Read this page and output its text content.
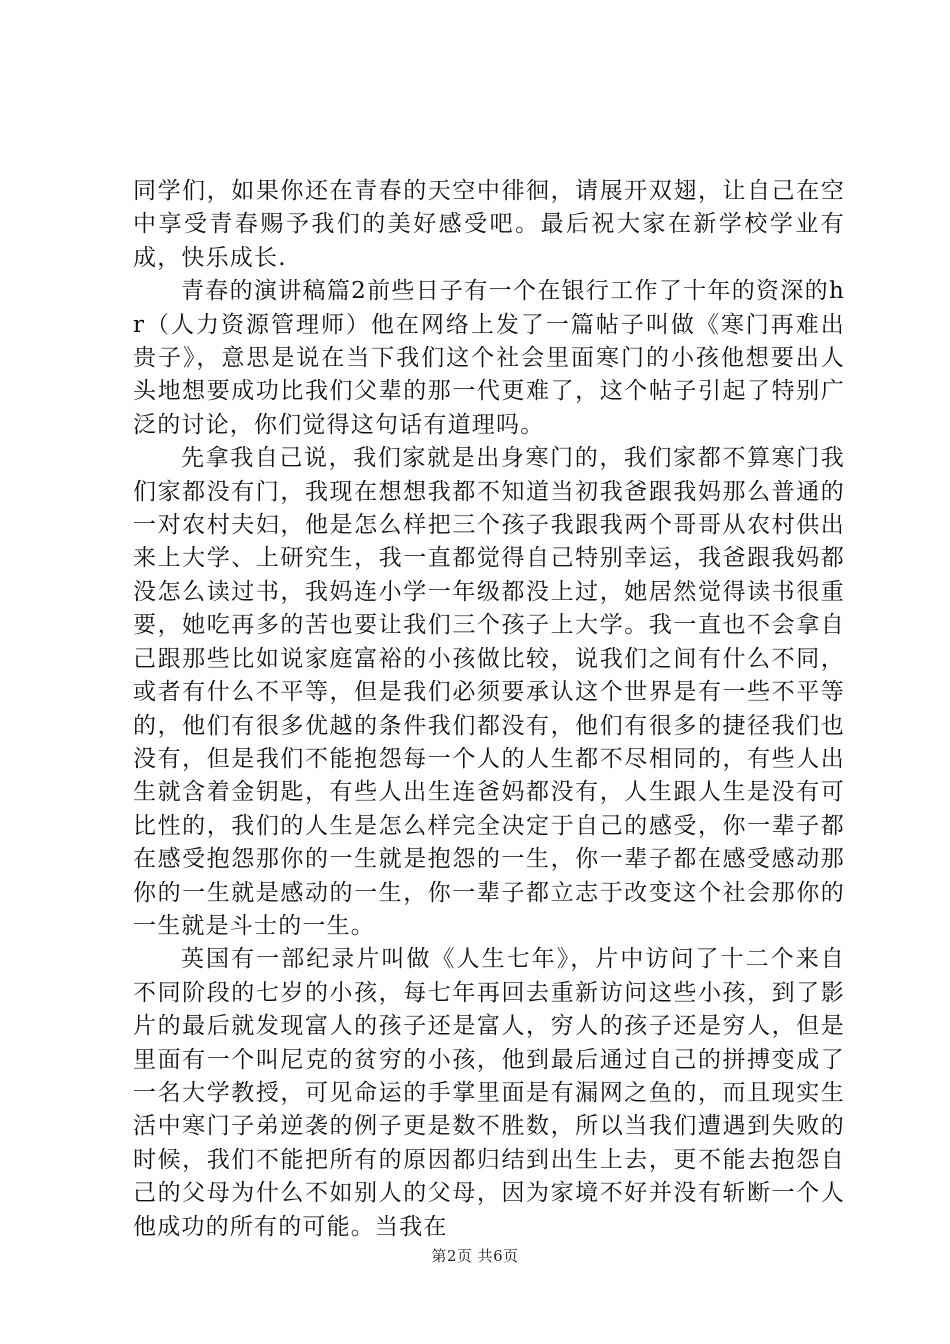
同学们，如果你还在青春的天空中徘徊，请展开双翅，让自己在空中享受青春赐予我们的美好感受吧。最后祝大家在新学校学业有成，快乐成长.

青春的演讲稿篇2前些日子有一个在银行工作了十年的资深的hr（人力资源管理师）他在网络上发了一篇帖子叫做《寒门再难出贵子》，意思是说在当下我们这个社会里面寒门的小孩他想要出人头地想要成功比我们父辈的那一代更难了，这个帖子引起了特别广泛的讨论，你们觉得这句话有道理吗。

先拿我自己说，我们家就是出身寒门的，我们家都不算寒门我们家都没有门，我现在想想我都不知道当初我爸跟我妈那么普通的一对农村夫妇，他是怎么样把三个孩子我跟我两个哥哥从农村供出来上大学、上研究生，我一直都觉得自己特别幸运，我爸跟我妈都没怎么读过书，我妈连小学一年级都没上过，她居然觉得读书很重要，她吃再多的苦也要让我们三个孩子上大学。我一直也不会拿自己跟那些比如说家庭富裕的小孩做比较，说我们之间有什么不同，或者有什么不平等，但是我们必须要承认这个世界是有一些不平等的，他们有很多优越的条件我们都没有，他们有很多的捷径我们也没有，但是我们不能抱怨每一个人的人生都不尽相同的，有些人出生就含着金钥匙，有些人出生连爸妈都没有，人生跟人生是没有可比性的，我们的人生是怎么样完全决定于自己的感受，你一辈子都在感受抱怨那你的一生就是抱怨的一生，你一辈子都在感受感动那你的一生就是感动的一生，你一辈子都立志于改变这个社会那你的一生就是斗士的一生。

英国有一部纪录片叫做《人生七年》，片中访问了十二个来自不同阶段的七岁的小孩，每七年再回去重新访问这些小孩，到了影片的最后就发现富人的孩子还是富人，穷人的孩子还是穷人，但是里面有一个叫尼克的贫穷的小孩，他到最后通过自己的拼搏变成了一名大学教授，可见命运的手掌里面是有漏网之鱼的，而且现实生活中寒门子弟逆袭的例子更是数不胜数，所以当我们遭遇到失败的时候，我们不能把所有的原因都归结到出生上去，更不能去抱怨自己的父母为什么不如别人的父母，因为家境不好并没有斩断一个人他成功的所有的可能。当我在

第2页 共6页
